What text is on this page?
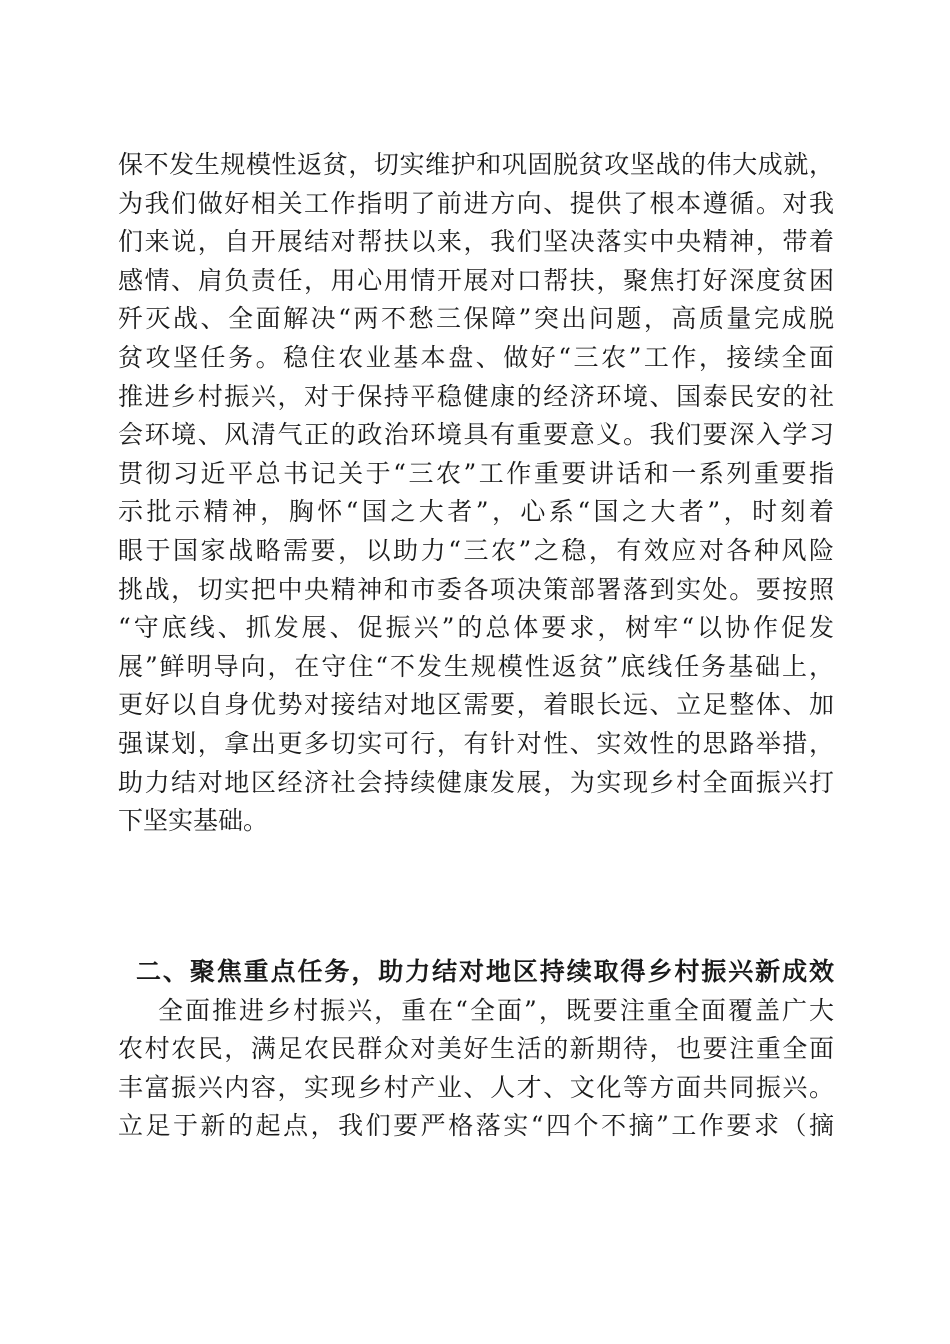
保不发生规模性返贫，切实维护和巩固脱贫攻坚战的伟大成就，
为我们做好相关工作指明了前进方向、提供了根本遵循。对我
们来说，自开展结对帮扶以来，我们坚决落实中央精神，带着
感情、肩负责任，用心用情开展对口帮扶，聚焦打好深度贫困
歼灭战、全面解决“两不愁三保障”突出问题，高质量完成脱
贫攻坚任务。稳住农业基本盘、做好“三农”工作，接续全面
推进乡村振兴，对于保持平稳健康的经济环境、国泰民安的社
会环境、风清气正的政治环境具有重要意义。我们要深入学习
贯彻习近平总书记关于“三农”工作重要讲话和一系列重要指
示批示精神，胸怀“国之大者”，心系“国之大者”，时刻着
眼于国家战略需要，以助力“三农”之稳，有效应对各种风险
挑战，切实把中央精神和市委各项决策部署落到实处。要按照
“守底线、抓发展、促振兴”的总体要求，树牢“以协作促发
展”鲜明导向，在守住“不发生规模性返贫”底线任务基础上，
更好以自身优势对接结对地区需要，着眼长远、立足整体、加
强谋划，拿出更多切实可行，有针对性、实效性的思路举措，
助力结对地区经济社会持续健康发展，为实现乡村全面振兴打
下坚实基础。
二、聚焦重点任务，助力结对地区持续取得乡村振兴新成效
全面推进乡村振兴，重在“全面”，既要注重全面覆盖广大
农村农民，满足农民群众对美好生活的新期待，也要注重全面
丰富振兴内容，实现乡村产业、人才、文化等方面共同振兴。
立足于新的起点，我们要严格落实“四个不摘”工作要求（摘
